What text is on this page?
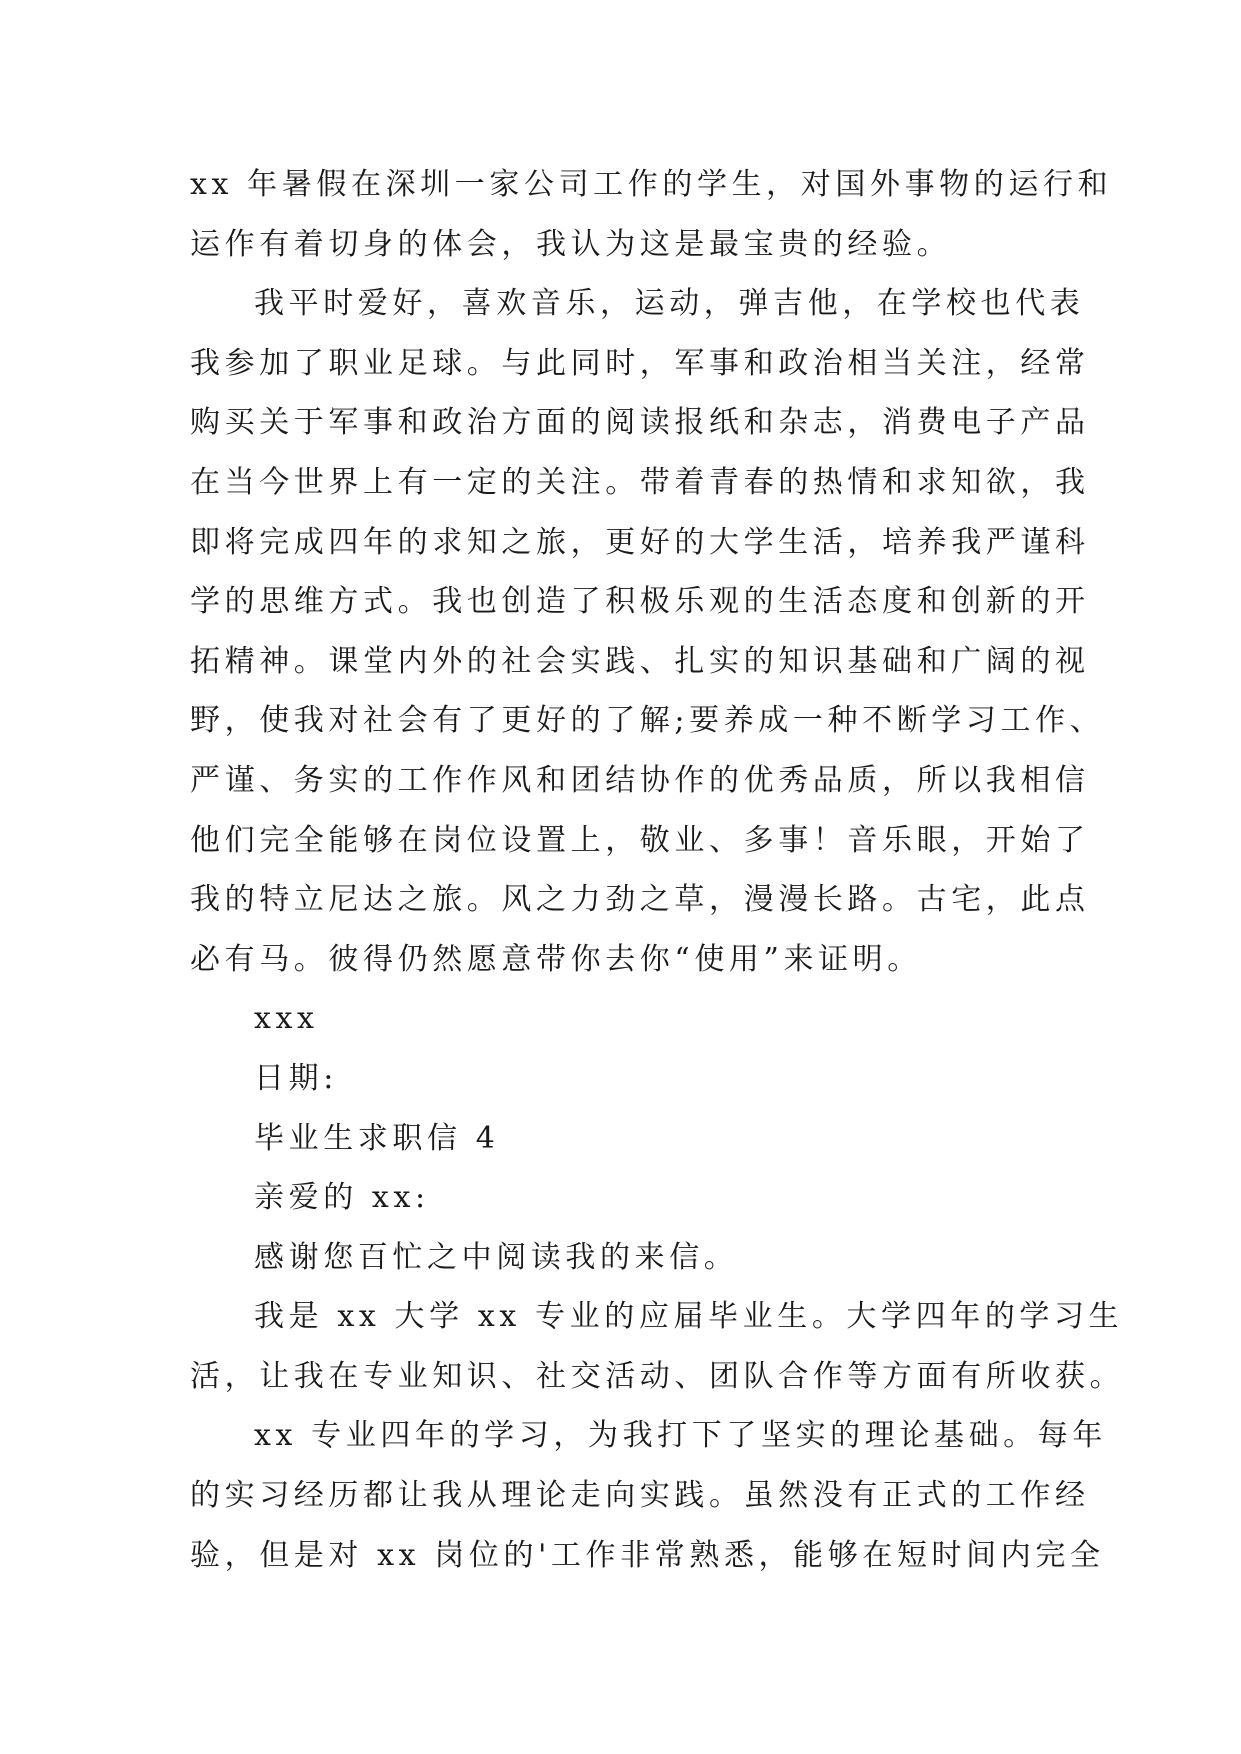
xx 年暑假在深圳一家公司工作的学生，对国外事物的运行和
运作有着切身的体会，我认为这是最宝贵的经验。
我平时爱好，喜欢音乐，运动，弹吉他，在学校也代表
我参加了职业足球。与此同时，军事和政治相当关注，经常
购买关于军事和政治方面的阅读报纸和杂志，消费电子产品
在当今世界上有一定的关注。带着青春的热情和求知欲，我
即将完成四年的求知之旅，更好的大学生活，培养我严谨科
学的思维方式。我也创造了积极乐观的生活态度和创新的开
拓精神。课堂内外的社会实践、扎实的知识基础和广阔的视
野，使我对社会有了更好的了解;要养成一种不断学习工作、
严谨、务实的工作作风和团结协作的优秀品质，所以我相信
他们完全能够在岗位设置上，敬业、多事！音乐眼，开始了
我的特立尼达之旅。风之力劲之草，漫漫长路。古宅，此点
必有马。彼得仍然愿意带你去你“使用”来证明。
xxx
日期:
毕业生求职信 4
亲爱的 xx:
感谢您百忙之中阅读我的来信。
我是 xx 大学 xx 专业的应届毕业生。大学四年的学习生
活，让我在专业知识、社交活动、团队合作等方面有所收获。
xx 专业四年的学习，为我打下了坚实的理论基础。每年
的实习经历都让我从理论走向实践。虽然没有正式的工作经
验，但是对 xx 岗位的'工作非常熟悉，能够在短时间内完全
